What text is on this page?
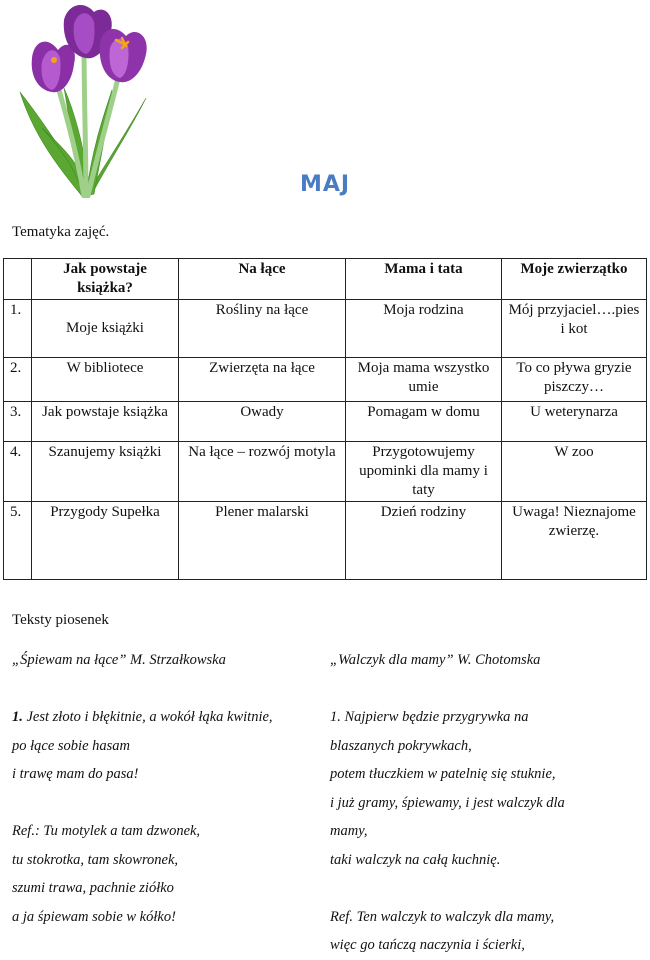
MAJ
Tematyka zajęć.
	Jak powstaje książka?	Na łące	Mama i tata	Moje zwierzątko
1.	Moje książki	Rośliny na łące	Moja rodzina	Mój przyjaciel….pies i kot
2.	W bibliotece	Zwierzęta na łące	Moja mama wszystko umie	To co pływa gryzie piszczy…
3.	Jak powstaje książka	Owady	Pomagam w domu	U weterynarza
4.	Szanujemy książki	Na łące – rozwój motyla	Przygotowujemy upominki dla mamy i taty	W zoo
5.	Przygody Supełka	Plener malarski	Dzień rodziny	Uwaga! Nieznajome zwierzę.
Teksty piosenek
„Śpiewam na łące” M. Strzałkowska
1. Jest złoto i błękitnie, a wokół łąka kwitnie,
po łące sobie hasam
i trawę mam do pasa!
Ref.: Tu motylek a tam dzwonek,
tu stokrotka, tam skowronek,
szumi trawa, pachnie ziółko
a ja śpiewam sobie w kółko!
„Walczyk dla mamy” W. Chotomska
1. Najpierw będzie przygrywka na
blaszanych pokrywkach,
potem tłuczkiem w patelnię się stuknie,
i już gramy, śpiewamy, i jest walczyk dla
mamy,
taki walczyk na całą kuchnię.
Ref. Ten walczyk to walczyk dla mamy,
więc go tańczą naczynia i ścierki,
